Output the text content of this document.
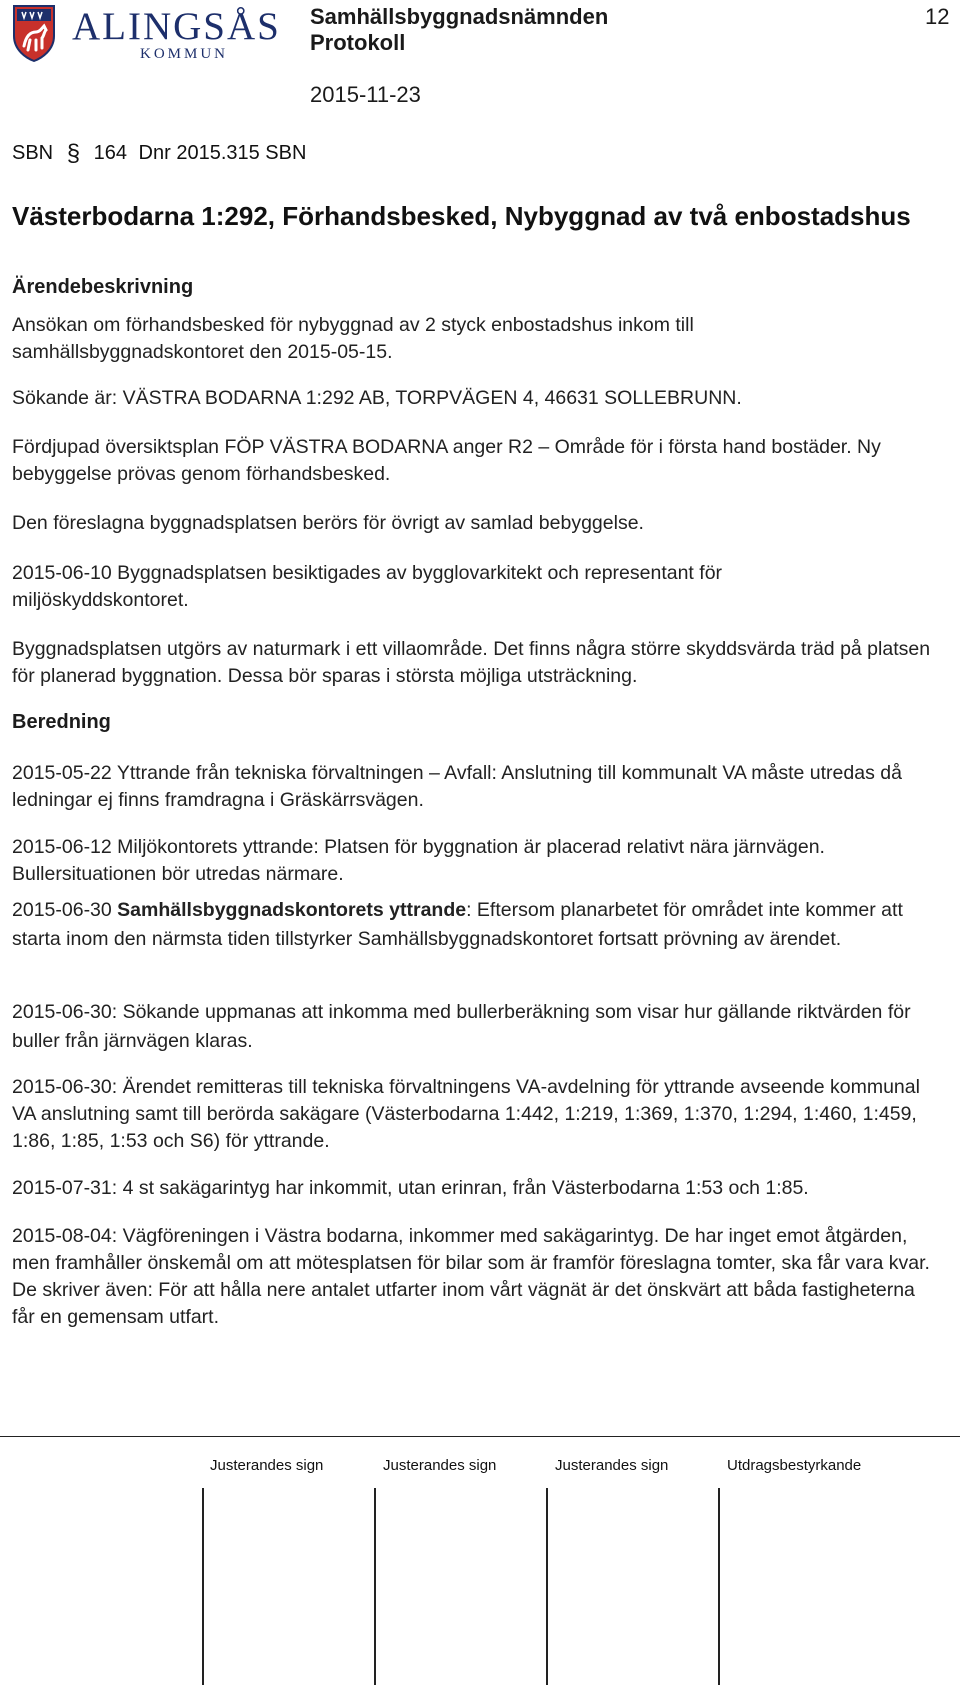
ALINGSÅS
KOMMUN
Samhällsbyggnadsnämnden
Protokoll
2015-11-23
12
SBN § 164 Dnr 2015.315 SBN
Västerbodarna 1:292, Förhandsbesked, Nybyggnad av två enbostadshus
Ärendebeskrivning
Ansökan om förhandsbesked för nybyggnad av 2 styck enbostadshus inkom till samhällsbyggnadskontoret den 2015-05-15.
Sökande är: VÄSTRA BODARNA 1:292 AB, TORPVÄGEN 4, 46631 SOLLEBRUNN.
Fördjupad översiktsplan FÖP VÄSTRA BODARNA anger R2 – Område för i första hand bostäder. Ny bebyggelse prövas genom förhandsbesked.
Den föreslagna byggnadsplatsen berörs för övrigt av samlad bebyggelse.
2015-06-10 Byggnadsplatsen besiktigades av bygglovarkitekt och representant för miljöskyddskontoret.
Byggnadsplatsen utgörs av naturmark i ett villaområde. Det finns några större skyddsvärda träd på platsen för planerad byggnation. Dessa bör sparas i största möjliga utsträckning.
Beredning
2015-05-22 Yttrande från tekniska förvaltningen – Avfall: Anslutning till kommunalt VA måste utredas då ledningar ej finns framdragna i Gräskärrsvägen.
2015-06-12 Miljökontorets yttrande: Platsen för byggnation är placerad relativt nära järnvägen. Bullersituationen bör utredas närmare.
2015-06-30 Samhällsbyggnadskontorets yttrande: Eftersom planarbetet för området inte kommer att starta inom den närmsta tiden tillstyrker Samhällsbyggnadskontoret fortsatt prövning av ärendet.
2015-06-30: Sökande uppmanas att inkomma med bullerberäkning som visar hur gällande riktvärden för buller från järnvägen klaras.
2015-06-30: Ärendet remitteras till tekniska förvaltningens VA-avdelning för yttrande avseende kommunal VA anslutning samt till berörda sakägare (Västerbodarna 1:442, 1:219, 1:369, 1:370, 1:294, 1:460, 1:459, 1:86, 1:85, 1:53 och S6) för yttrande.
2015-07-31: 4 st sakägarintyg har inkommit, utan erinran, från Västerbodarna 1:53 och 1:85.
2015-08-04: Vägföreningen i Västra bodarna, inkommer med sakägarintyg. De har inget emot åtgärden, men framhåller önskemål om att mötesplatsen för bilar som är framför föreslagna tomter, ska får vara kvar. De skriver även: För att hålla nere antalet utfarter inom vårt vägnät är det önskvärt att båda fastigheterna får en gemensam utfart.
Justerandes sign	Justerandes sign	Justerandes sign	Utdragsbestyrkande
